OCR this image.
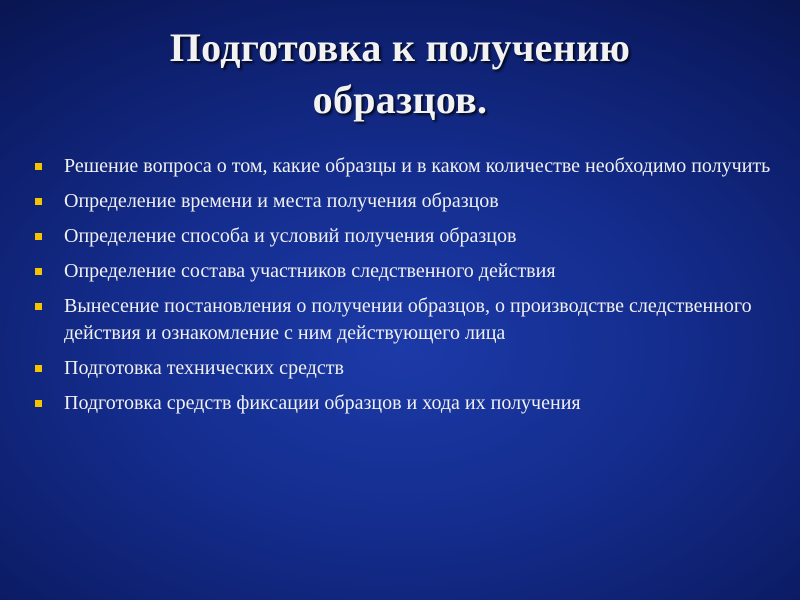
Подготовка к получению
образцов.
Решение вопроса о том, какие образцы и в каком количестве необходимо получить
Определение времени и места получения образцов
Определение способа и условий получения образцов
Определение состава участников следственного действия
Вынесение постановления о получении образцов, о производстве следственного действия и ознакомление с ним действующего лица
Подготовка технических средств
Подготовка средств фиксации образцов и хода их получения
